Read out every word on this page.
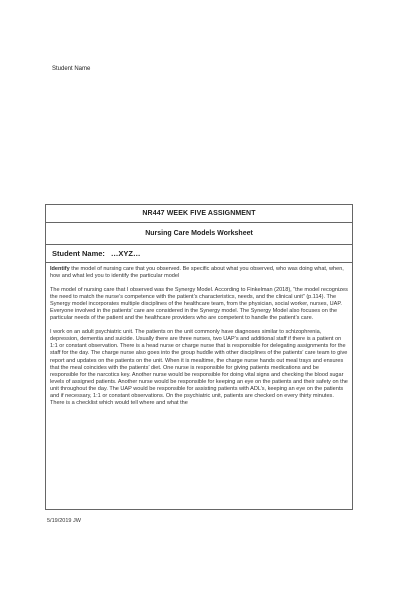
Student Name
NR447 WEEK FIVE ASSIGNMENT
Nursing Care Models Worksheet
Student Name: …XYZ…

Identify the model of nursing care that you observed. Be specific about what you observed, who was doing what, when, how and what led you to identify the particular model

The model of nursing care that I observed was the Synergy Model. According to Finkelman (2018), “the model recognizes the need to match the nurse’s competence with the patient’s characteristics, needs, and the clinical unit” (p.114). The Synergy model incorporates multiple disciplines of the healthcare team, from the physician, social worker, nurses, UAP. Everyone involved in the patients’ care are considered in the Synergy model. The Synergy Model also focuses on the particular needs of the patient and the healthcare providers who are competent to handle the patient’s care.

I work on an adult psychiatric unit. The patients on the unit commonly have diagnoses similar to schizophrenia, depression, dementia and suicide. Usually there are three nurses, two UAP’s and additional staff if there is a patient on 1:1 or constant observation. There is a head nurse or charge nurse that is responsible for delegating assignments for the staff for the day. The charge nurse also goes into the group huddle with other disciplines of the patients’ care team to give report and updates on the patients on the unit. When it is mealtime, the charge nurse hands out meal trays and ensures that the meal coincides with the patients’ diet. One nurse is responsible for giving patients medications and be responsible for the narcotics key. Another nurse would be responsible for doing vital signs and checking the blood sugar levels of assigned patients. Another nurse would be responsible for keeping an eye on the patients and their safety on the unit throughout the day. The UAP would be responsible for assisting patients with ADL’s, keeping an eye on the patients and if necessary, 1:1 or constant observations. On the psychiatric unit, patients are checked on every thirty minutes. There is a checklist which would tell where and what the

5/19/2019 JW
